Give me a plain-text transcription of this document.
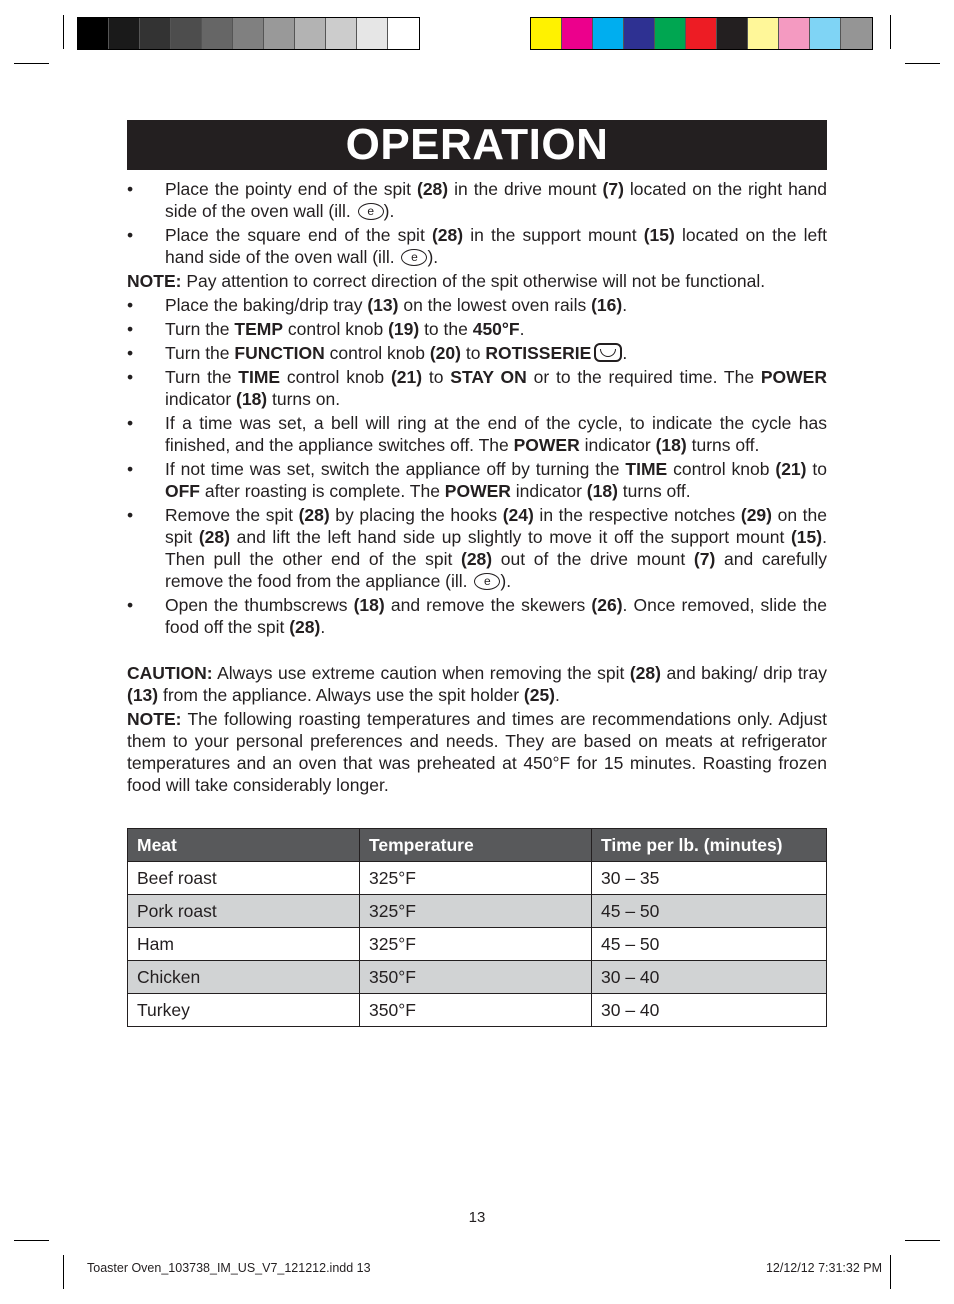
OPERATION
• Place the pointy end of the spit (28) in the drive mount (7) located on the right hand side of the oven wall (ill. e ).
• Place the square end of the spit (28) in the support mount (15) located on the left hand side of the oven wall (ill. e ).
NOTE: Pay attention to correct direction of the spit otherwise will not be functional.
• Place the baking/drip tray (13) on the lowest oven rails (16).
• Turn the TEMP control knob (19) to the 450°F.
• Turn the FUNCTION control knob (20) to ROTISSERIE .
• Turn the TIME control knob (21) to STAY ON or to the required time. The POWER indicator (18) turns on.
• If a time was set, a bell will ring at the end of the cycle, to indicate the cycle has finished, and the appliance switches off. The POWER indicator (18) turns off.
• If not time was set, switch the appliance off by turning the TIME control knob (21) to OFF after roasting is complete. The POWER indicator (18) turns off.
• Remove the spit (28) by placing the hooks (24) in the respective notches (29) on the spit (28) and lift the left hand side up slightly to move it off the support mount (15). Then pull the other end of the spit (28) out of the drive mount (7) and carefully remove the food from the appliance (ill. e ).
• Open the thumbscrews (18) and remove the skewers (26). Once removed, slide the food off the spit (28).
CAUTION: Always use extreme caution when removing the spit (28) and baking/ drip tray (13) from the appliance. Always use the spit holder (25).
NOTE: The following roasting temperatures and times are recommendations only. Adjust them to your personal preferences and needs. They are based on meats at refrigerator temperatures and an oven that was preheated at 450°F for 15 minutes. Roasting frozen food will take considerably longer.
Meat	Temperature	Time per lb. (minutes)
Beef roast	325°F	30 – 35
Pork roast	325°F	45 – 50
Ham	325°F	45 – 50
Chicken	350°F	30 – 40
Turkey	350°F	30 – 40
13
Toaster Oven_103738_IM_US_V7_121212.indd 13	12/12/12 7:31:32 PM
